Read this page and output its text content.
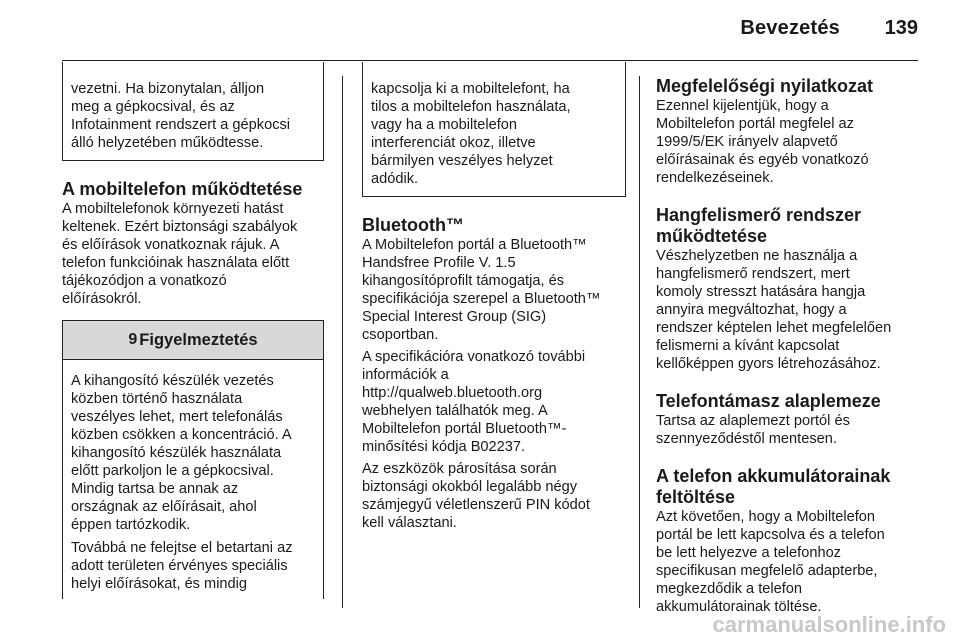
Bevezetés 139

vezetni. Ha bizonytalan, álljon

meg a gépkocsival, és az

Infotainment rendszert a gépkocsi

álló helyzetében működtesse.

A mobiltelefon működtetése

A mobiltelefonok környezeti hatást

keltenek. Ezért biztonsági szabályok

és előírások vonatkoznak rájuk. A

telefon funkcióinak használata előtt

tájékozódjon a vonatkozó

előírásokról.

9 Figyelmeztetés

A kihangosító készülék vezetés
közben történő használata
veszélyes lehet, mert telefonálás
közben csökken a koncentráció. A
kihangosító készülék használata
előtt parkoljon le a gépkocsival.
Mindig tartsa be annak az
országnak az előírásait, ahol
éppen tartózkodik.

Továbbá ne felejtse el betartani az
adott területen érvényes speciális
helyi előírásokat, és mindig

kapcsolja ki a mobiltelefont, ha

tilos a mobiltelefon használata,

vagy ha a mobiltelefon

interferenciát okoz, illetve

bármilyen veszélyes helyzet

adódik.

Bluetooth™

A Mobiltelefon portál a Bluetooth™
Handsfree Profile V. 1.5
kihangosítóprofilt támogatja, és
specifikációja szerepel a Bluetooth™
Special Interest Group (SIG)
csoportban.

A specifikációra vonatkozó további
információk a
http://qualweb.bluetooth.org
webhelyen találhatók meg. A
Mobiltelefon portál Bluetooth™-
minősítési kódja B02237.

Az eszközök párosítása során
biztonsági okokból legalább négy
számjegyű véletlenszerű PIN kódot
kell választani.

Megfelelőségi nyilatkozat

Ezennel kijelentjük, hogy a
Mobiltelefon portál megfelel az
1999/5/EK irányelv alapvető
előírásainak és egyéb vonatkozó
rendelkezéseinek.

Hangfelismerő rendszer
működtetése

Vészhelyzetben ne használja a
hangfelismerő rendszert, mert
komoly stresszt hatására hangja
annyira megváltozhat, hogy a
rendszer képtelen lehet megfelelően
felismerni a kívánt kapcsolat
kellőképpen gyors létrehozásához.

Telefontámasz alaplemeze

Tartsa az alaplemezt portól és
szennyeződéstől mentesen.

A telefon akkumulátorainak
feltöltése

Azt követően, hogy a Mobiltelefon
portál be lett kapcsolva és a telefon
be lett helyezve a telefonhoz
specifikusan megfelelő adapterbe,
megkezdődik a telefon
akkumulátorainak töltése.

carmanualsonline.info
